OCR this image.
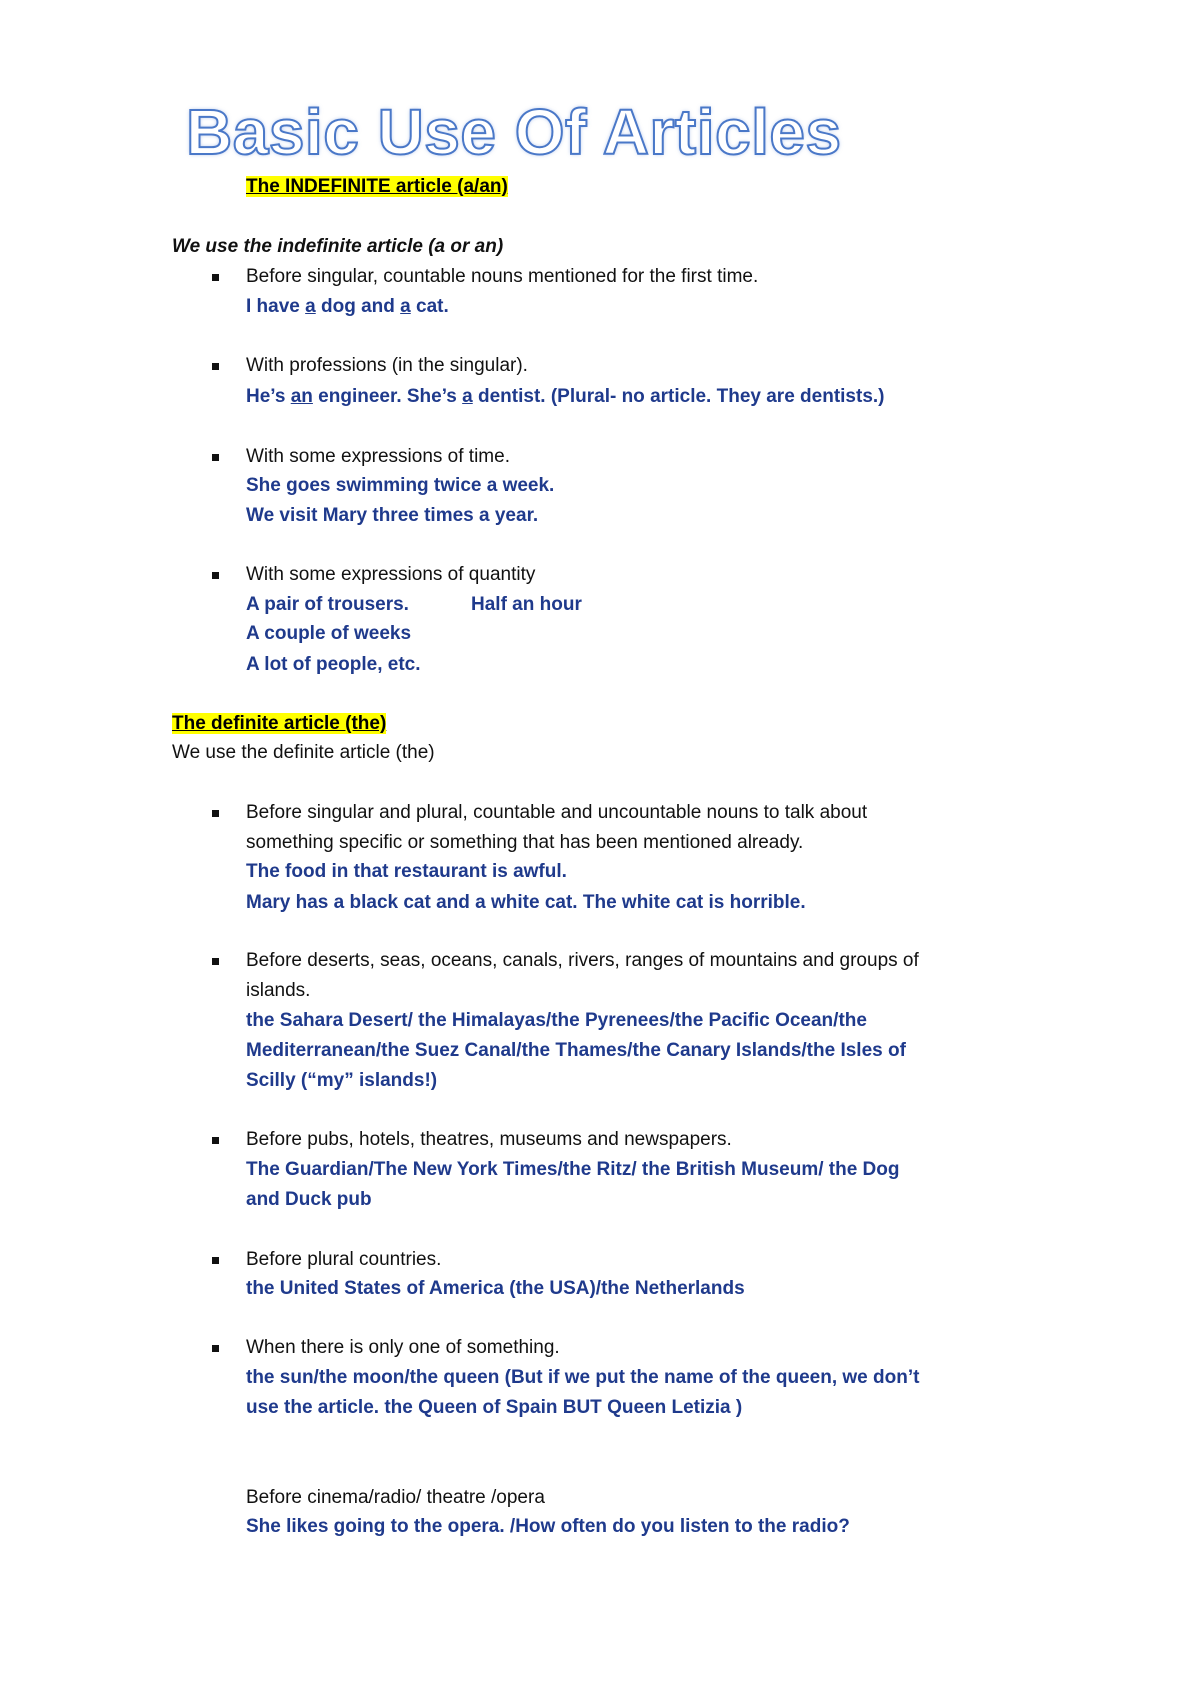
Basic Use Of Articles
The INDEFINITE article (a/an)
We use the indefinite article (a or an)
Before singular, countable nouns mentioned for the first time.
I have a dog and a cat.
With professions (in the singular).
He’s an engineer. She’s a dentist. (Plural- no article. They are dentists.)
With some expressions of time.
She goes swimming twice a week.
We visit Mary three times a year.
With some expressions of quantity
A pair of trousers.	Half an hour
A couple of weeks
A lot of people, etc.
The definite article (the)
We use the definite article (the)
Before singular and plural, countable and uncountable nouns to talk about
something specific or something that has been mentioned already.
The food in that restaurant is awful.
Mary has a black cat and a white cat. The white cat is horrible.
Before deserts, seas, oceans, canals, rivers, ranges of mountains and groups of
islands.
the Sahara Desert/ the Himalayas/the Pyrenees/the Pacific Ocean/the
Mediterranean/the Suez Canal/the Thames/the Canary Islands/the Isles of
Scilly (“my” islands!)
Before pubs, hotels, theatres, museums and newspapers.
The Guardian/The New York Times/the Ritz/ the British Museum/ the Dog
and Duck pub
Before plural countries.
the United States of America (the USA)/the Netherlands
When there is only one of something.
the sun/the moon/the queen (But if we put the name of the queen, we don’t
use the article. the Queen of Spain BUT Queen Letizia )
Before cinema/radio/ theatre /opera
She likes going to the opera. /How often do you listen to the radio?
